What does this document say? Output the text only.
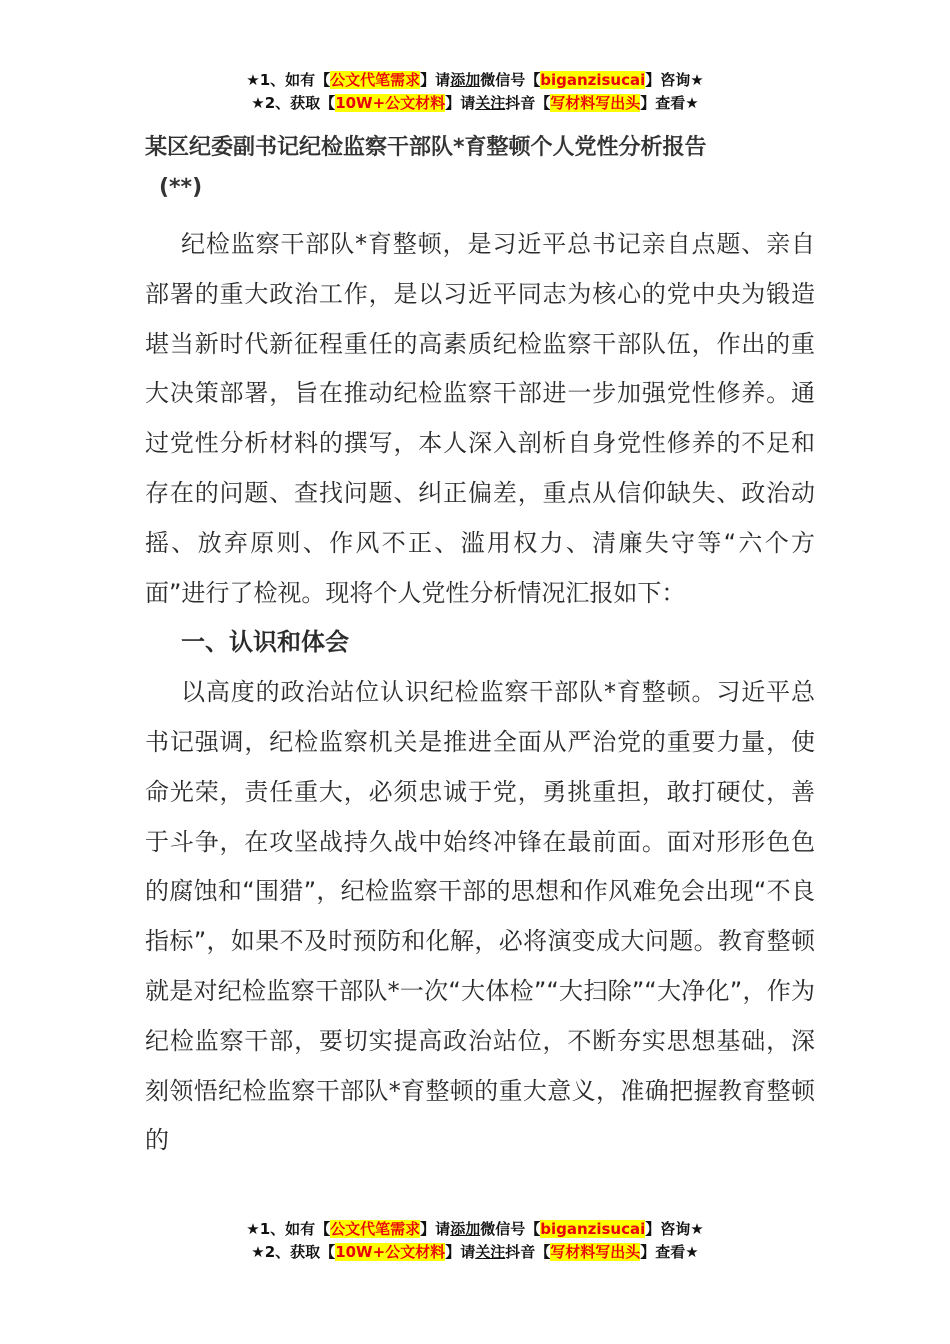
★1、如有【公文代笔需求】请添加微信号【biganzisucai】咨询★
★2、获取【10W+公文材料】请关注抖音【写材料写出头】查看★
某区纪委副书记纪检监察干部队*育整顿个人党性分析报告
(**)

纪检监察干部队*育整顿，是习近平总书记亲自点题、亲自部署的重大政治工作，是以习近平同志为核心的党中央为锻造堪当新时代新征程重任的高素质纪检监察干部队伍，作出的重大决策部署，旨在推动纪检监察干部进一步加强党性修养。通过党性分析材料的撰写，本人深入剖析自身党性修养的不足和存在的问题、查找问题、纠正偏差，重点从信仰缺失、政治动摇、放弃原则、作风不正、滥用权力、清廉失守等“六个方面”进行了检视。现将个人党性分析情况汇报如下：

一、认识和体会

以高度的政治站位认识纪检监察干部队*育整顿。习近平总书记强调，纪检监察机关是推进全面从严治党的重要力量，使命光荣，责任重大，必须忠诚于党，勇挑重担，敢打硬仗，善于斗争，在攻坚战持久战中始终冲锋在最前面。面对形形色色的腐蚀和“围猎”，纪检监察干部的思想和作风难免会出现“不良指标”，如果不及时预防和化解，必将演变成大问题。教育整顿就是对纪检监察干部队*一次“大体检”“大扫除”“大净化”，作为纪检监察干部，要切实提高政治站位，不断夯实思想基础，深刻领悟纪检监察干部队*育整顿的重大意义，准确把握教育整顿的

★1、如有【公文代笔需求】请添加微信号【biganzisucai】咨询★
★2、获取【10W+公文材料】请关注抖音【写材料写出头】查看★
